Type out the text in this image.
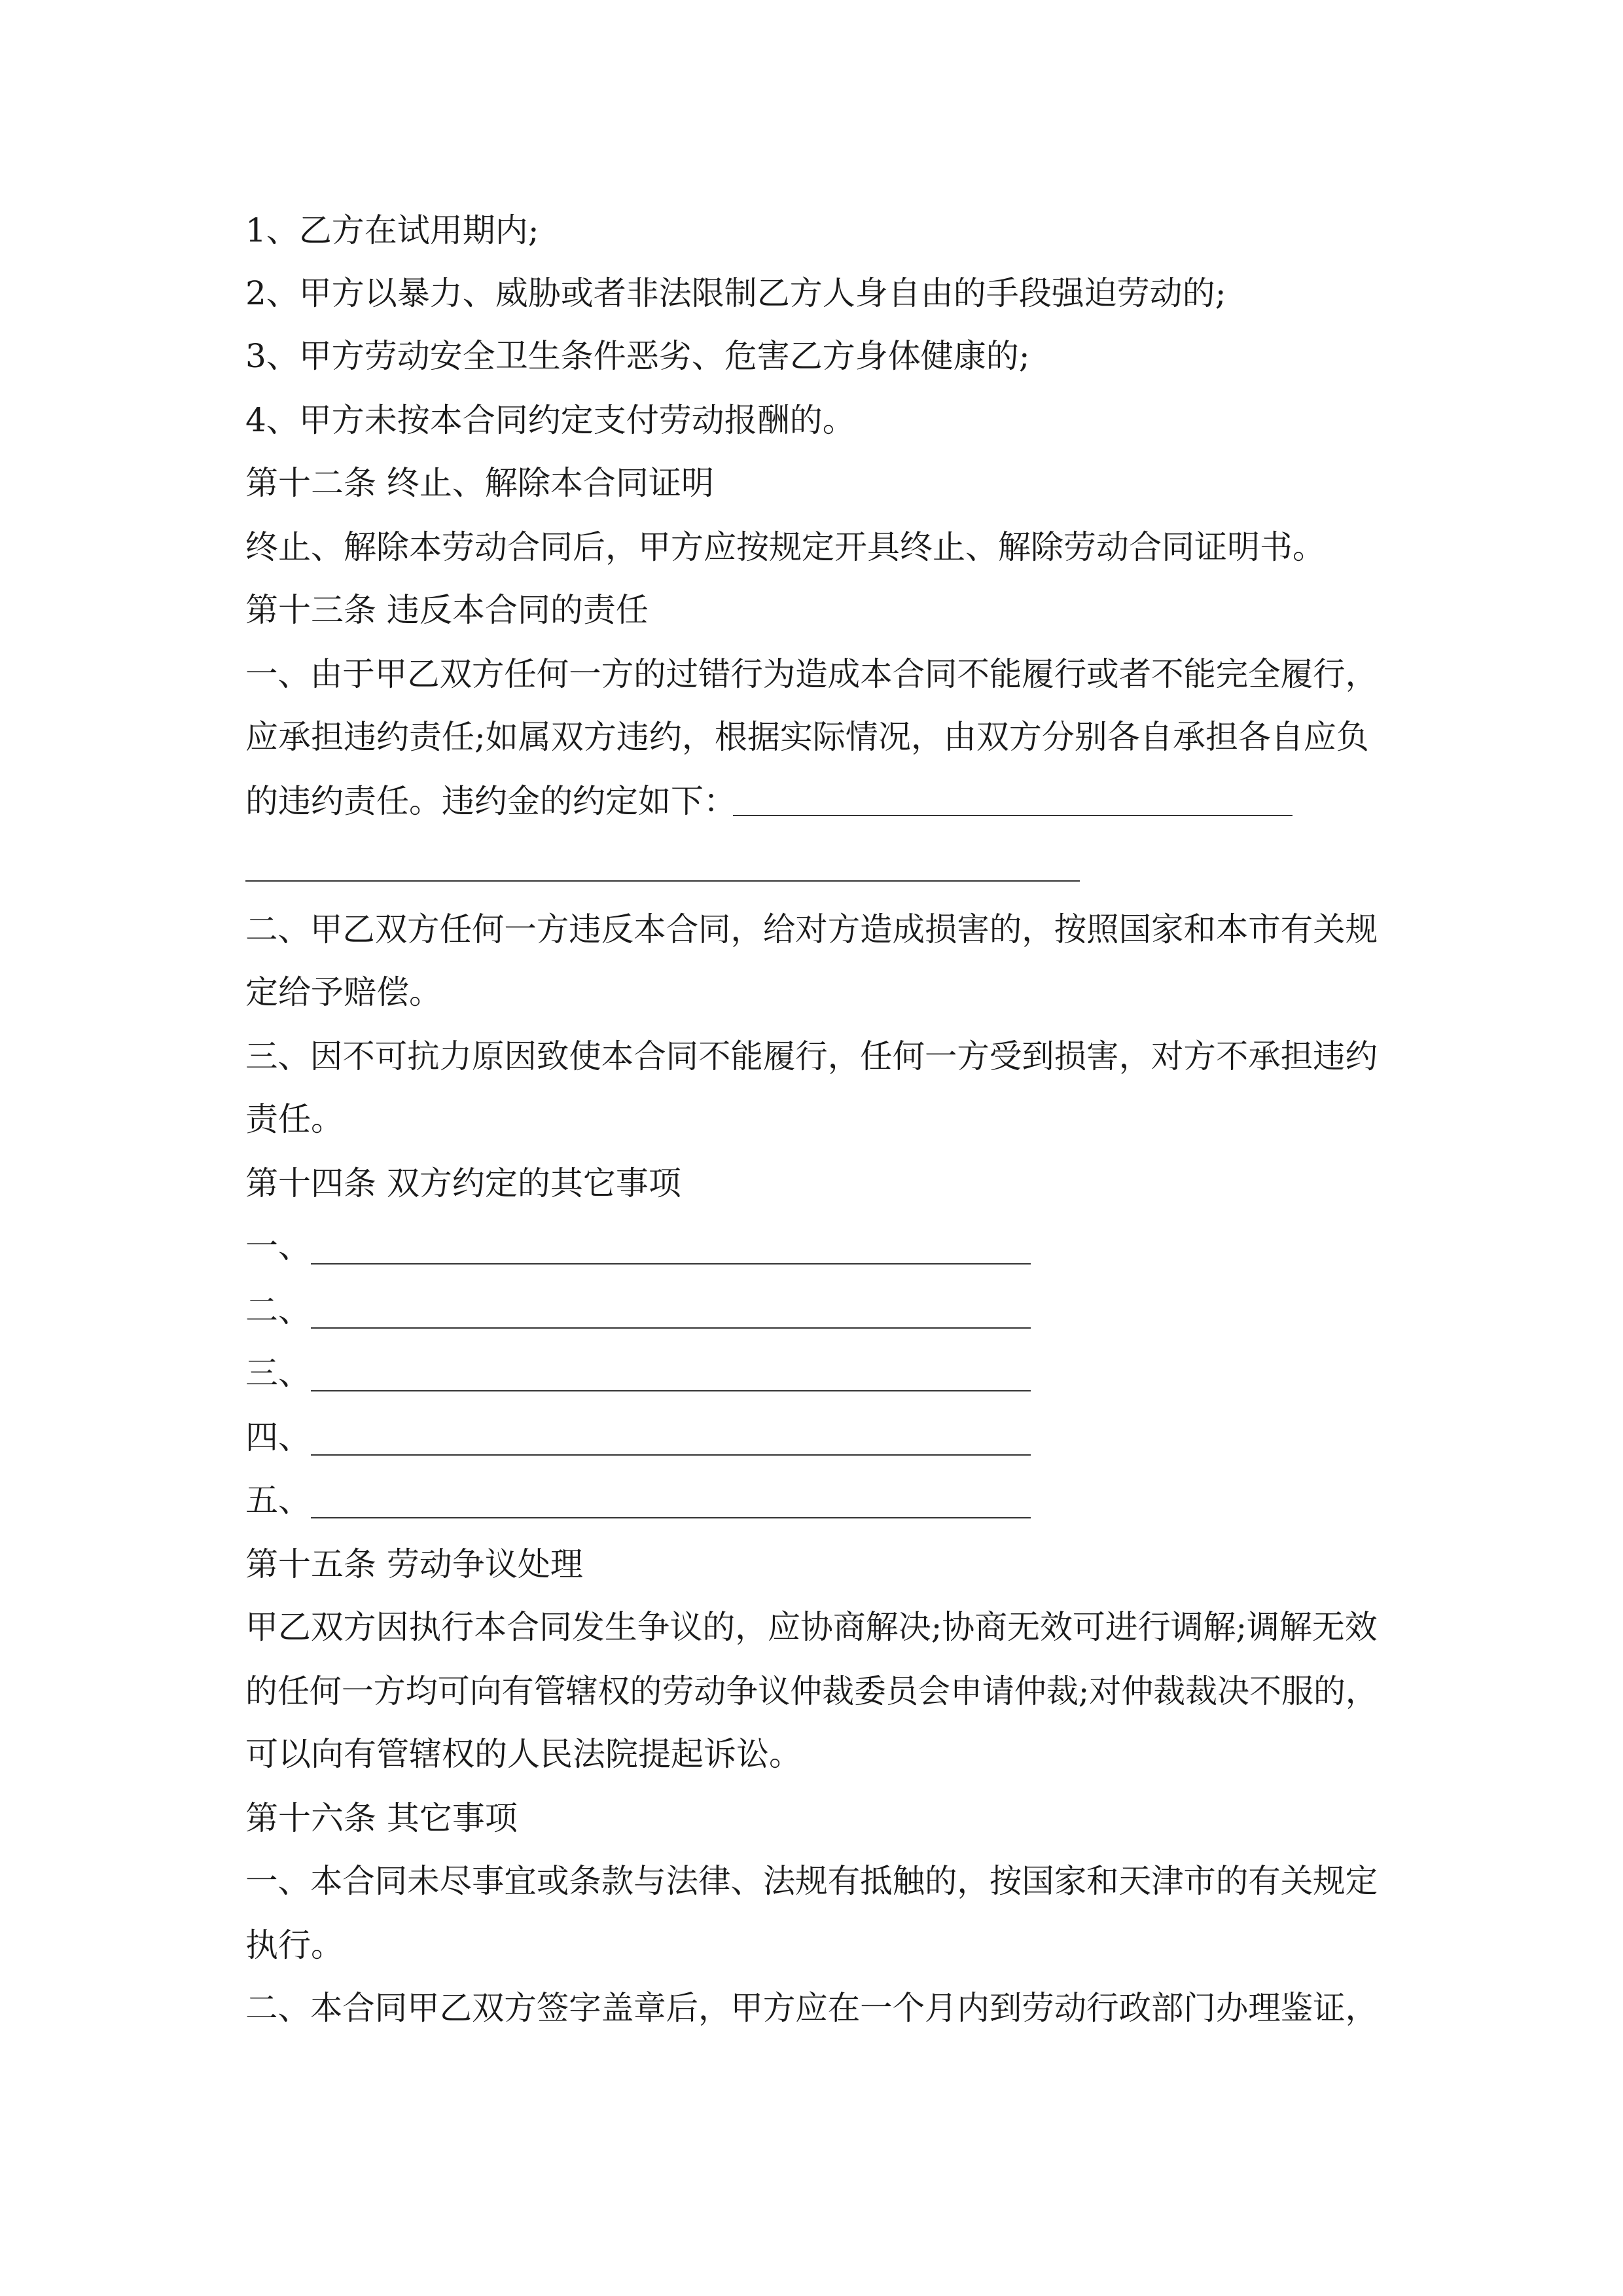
1、乙方在试用期内;
2、甲方以暴力、威胁或者非法限制乙方人身自由的手段强迫劳动的;
3、甲方劳动安全卫生条件恶劣、危害乙方身体健康的;
4、甲方未按本合同约定支付劳动报酬的。
第十二条 终止、解除本合同证明
终止、解除本劳动合同后，甲方应按规定开具终止、解除劳动合同证明书。
第十三条 违反本合同的责任
一、由于甲乙双方任何一方的过错行为造成本合同不能履行或者不能完全履行，
应承担违约责任;如属双方违约，根据实际情况，由双方分别各自承担各自应负
的违约责任。违约金的约定如下：
二、甲乙双方任何一方违反本合同，给对方造成损害的，按照国家和本市有关规
定给予赔偿。
三、因不可抗力原因致使本合同不能履行，任何一方受到损害，对方不承担违约
责任。
第十四条 双方约定的其它事项
一、
二、
三、
四、
五、
第十五条 劳动争议处理
甲乙双方因执行本合同发生争议的，应协商解决;协商无效可进行调解;调解无效
的任何一方均可向有管辖权的劳动争议仲裁委员会申请仲裁;对仲裁裁决不服的，
可以向有管辖权的人民法院提起诉讼。
第十六条 其它事项
一、本合同未尽事宜或条款与法律、法规有抵触的，按国家和天津市的有关规定
执行。
二、本合同甲乙双方签字盖章后，甲方应在一个月内到劳动行政部门办理鉴证，
